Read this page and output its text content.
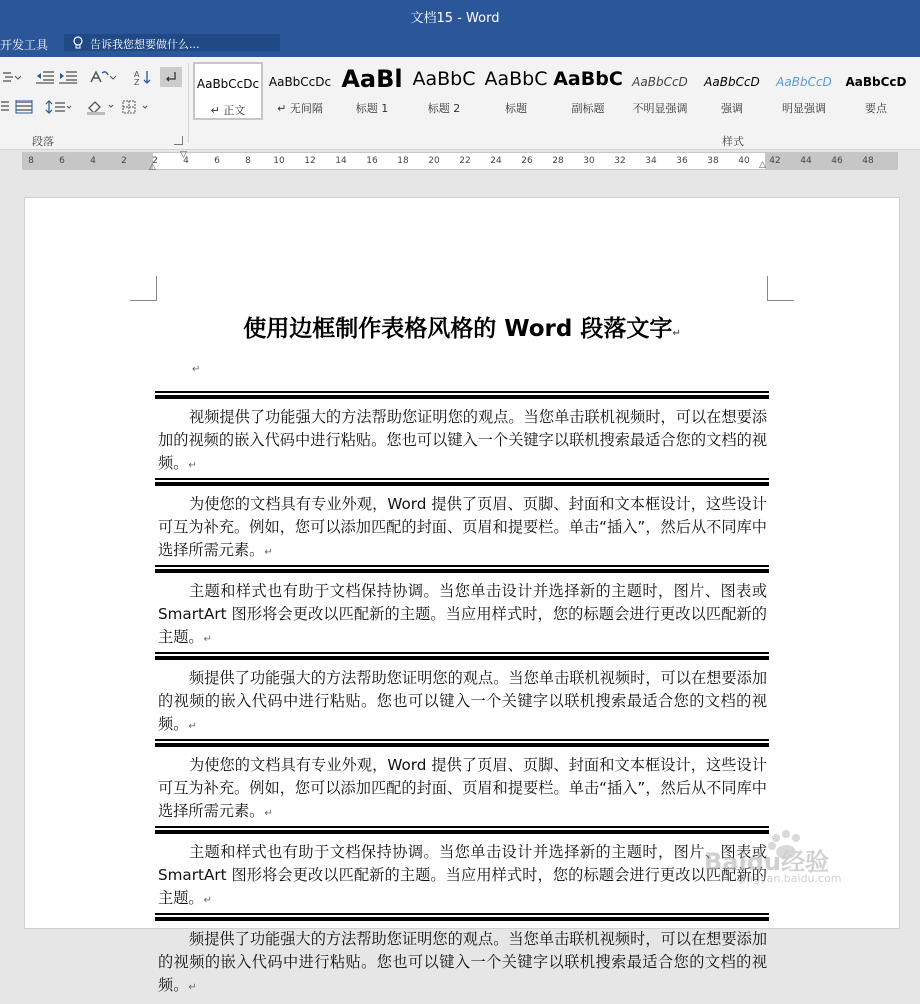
文档15 - Word
开发工具	告诉我您想要做什么...
A
Z
段落
AaBbCcDc
↵ 正文
AaBbCcDc
↵ 无间隔
AaBl
标题 1
AaBbC
标题 2
AaBbC
标题
AaBbC
副标题
AaBbCcD
不明显强调
AaBbCcD
强调
AaBbCcD
明显强调
AaBbCcD
要点
样式
8	6	4	2	2	4	6	8 10 12 14 16 18 20 22 24 26 28 30 32 34 36 38 40 42 44 46 48
▽
△	△
使用边框制作表格风格的 Word 段落文字↵
↵

视频提供了功能强大的方法帮助您证明您的观点。当您单击联机视频时，可以在想要添加的视频的嵌入代码中进行粘贴。您也可以键入一个关键字以联机搜索最适合您的文档的视频。↵

为使您的文档具有专业外观，Word 提供了页眉、页脚、封面和文本框设计，这些设计可互为补充。例如，您可以添加匹配的封面、页眉和提要栏。单击“插入”，然后从不同库中选择所需元素。↵

主题和样式也有助于文档保持协调。当您单击设计并选择新的主题时，图片、图表或 SmartArt 图形将会更改以匹配新的主题。当应用样式时，您的标题会进行更改以匹配新的主题。↵

频提供了功能强大的方法帮助您证明您的观点。当您单击联机视频时，可以在想要添加的视频的嵌入代码中进行粘贴。您也可以键入一个关键字以联机搜索最适合您的文档的视频。↵

为使您的文档具有专业外观，Word 提供了页眉、页脚、封面和文本框设计，这些设计可互为补充。例如，您可以添加匹配的封面、页眉和提要栏。单击“插入”，然后从不同库中选择所需元素。↵

主题和样式也有助于文档保持协调。当您单击设计并选择新的主题时，图片、图表或 SmartArt 图形将会更改以匹配新的主题。当应用样式时，您的标题会进行更改以匹配新的主题。↵

频提供了功能强大的方法帮助您证明您的观点。当您单击联机视频时，可以在想要添加的视频的嵌入代码中进行粘贴。您也可以键入一个关键字以联机搜索最适合您的文档的视频。↵

Baidu经验
jingyan.baidu.com
